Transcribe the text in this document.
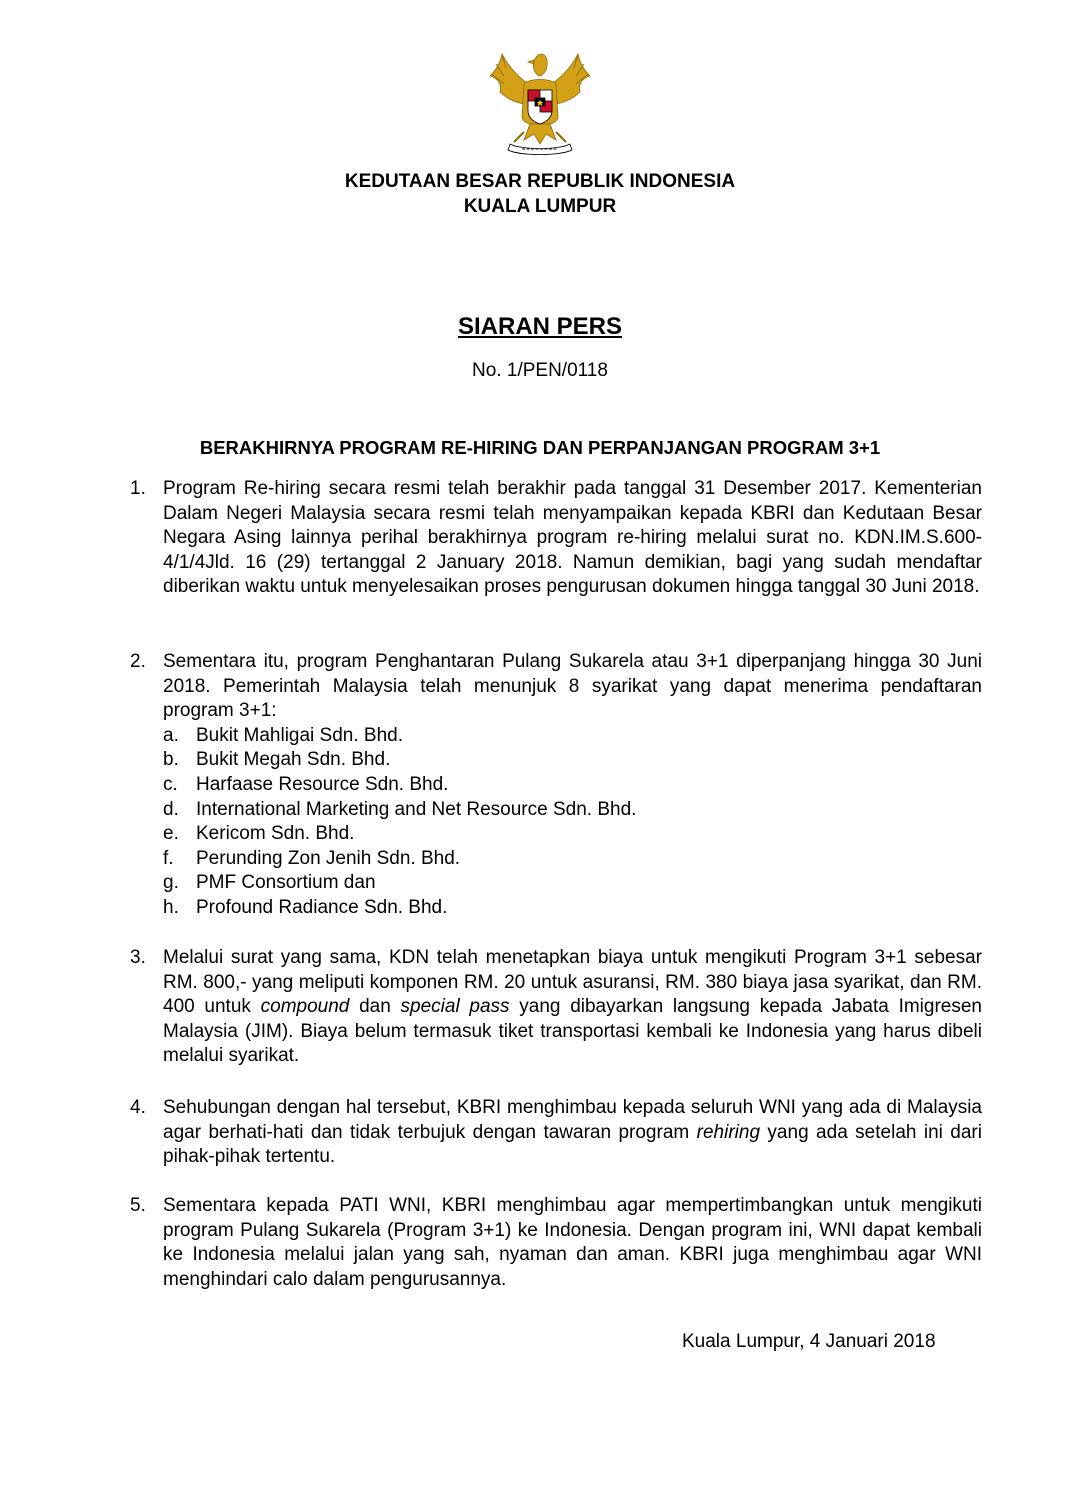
KEDUTAAN BESAR REPUBLIK INDONESIA
KUALA LUMPUR
SIARAN PERS
No. 1/PEN/0118
BERAKHIRNYA PROGRAM RE-HIRING DAN PERPANJANGAN PROGRAM 3+1
1. Program Re-hiring secara resmi telah berakhir pada tanggal 31 Desember 2017. Kementerian Dalam Negeri Malaysia secara resmi telah menyampaikan kepada KBRI dan Kedutaan Besar Negara Asing lainnya perihal berakhirnya program re-hiring melalui surat no. KDN.IM.S.600-4/1/4Jld. 16 (29) tertanggal 2 January 2018. Namun demikian, bagi yang sudah mendaftar diberikan waktu untuk menyelesaikan proses pengurusan dokumen hingga tanggal 30 Juni 2018.
2. Sementara itu, program Penghantaran Pulang Sukarela atau 3+1 diperpanjang hingga 30 Juni 2018. Pemerintah Malaysia telah menunjuk 8 syarikat yang dapat menerima pendaftaran program 3+1:
a. Bukit Mahligai Sdn. Bhd.
b. Bukit Megah Sdn. Bhd.
c. Harfaase Resource Sdn. Bhd.
d. International Marketing and Net Resource Sdn. Bhd.
e. Kericom Sdn. Bhd.
f. Perunding Zon Jenih Sdn. Bhd.
g. PMF Consortium dan
h. Profound Radiance Sdn. Bhd.
3. Melalui surat yang sama, KDN telah menetapkan biaya untuk mengikuti Program 3+1 sebesar RM. 800,- yang meliputi komponen RM. 20 untuk asuransi, RM. 380 biaya jasa syarikat, dan RM. 400 untuk compound dan special pass yang dibayarkan langsung kepada Jabata Imigresen Malaysia (JIM). Biaya belum termasuk tiket transportasi kembali ke Indonesia yang harus dibeli melalui syarikat.
4. Sehubungan dengan hal tersebut, KBRI menghimbau kepada seluruh WNI yang ada di Malaysia agar berhati-hati dan tidak terbujuk dengan tawaran program rehiring yang ada setelah ini dari pihak-pihak tertentu.
5. Sementara kepada PATI WNI, KBRI menghimbau agar mempertimbangkan untuk mengikuti program Pulang Sukarela (Program 3+1) ke Indonesia. Dengan program ini, WNI dapat kembali ke Indonesia melalui jalan yang sah, nyaman dan aman. KBRI juga menghimbau agar WNI menghindari calo dalam pengurusannya.
Kuala Lumpur, 4 Januari 2018
